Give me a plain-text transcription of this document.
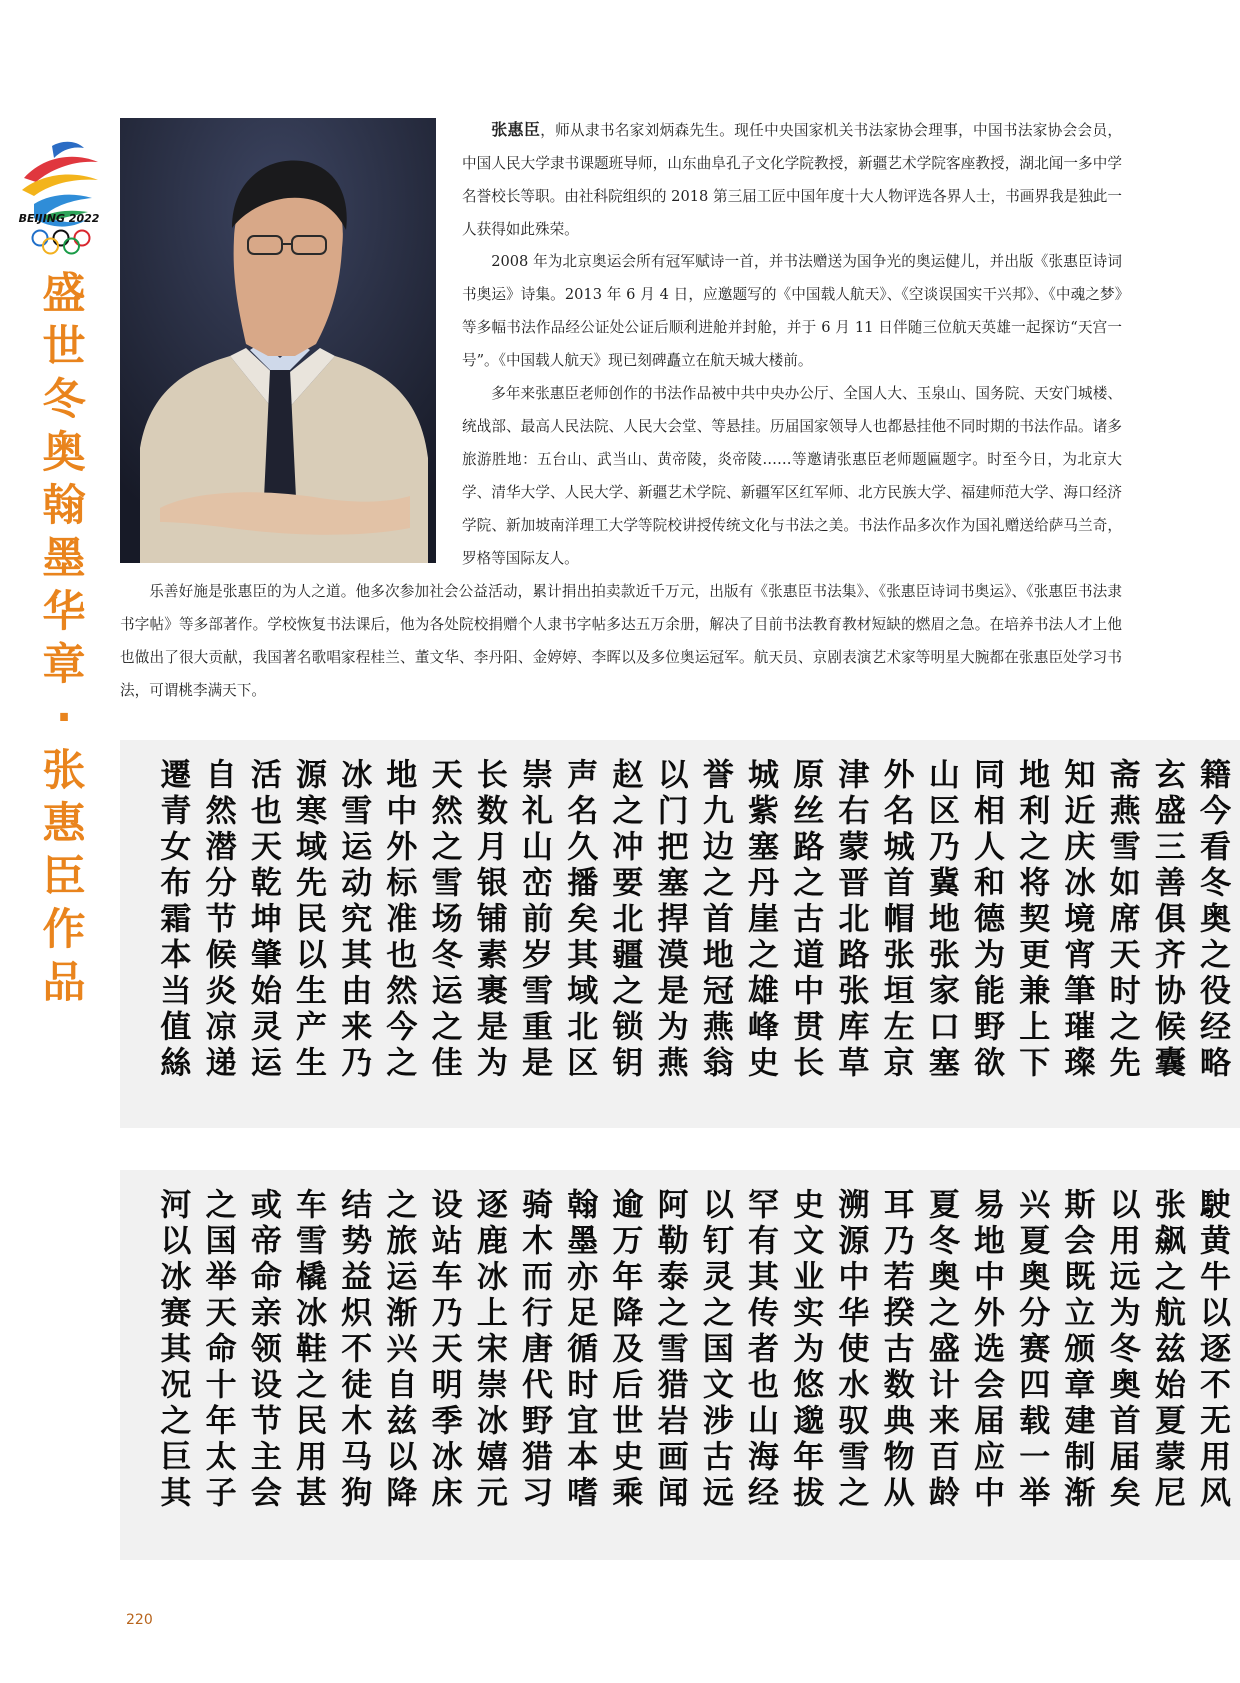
BEIJING 2022
盛世冬奥翰墨华章·张惠臣作品

张惠臣，师从隶书名家刘炳森先生。现任中央国家机关书法家协会理事，中国书法家协会会员，中国人民大学隶书课题班导师，山东曲阜孔子文化学院教授，新疆艺术学院客座教授，湖北闻一多中学名誉校长等职。由社科院组织的 2018 第三届工匠中国年度十大人物评选各界人士，书画界我是独此一人获得如此殊荣。

2008 年为北京奥运会所有冠军赋诗一首，并书法赠送为国争光的奥运健儿，并出版《张惠臣诗词书奥运》诗集。2013 年 6 月 4 日，应邀题写的《中国载人航天》、《空谈误国实干兴邦》、《中魂之梦》等多幅书法作品经公证处公证后顺利进舱并封舱，并于 6 月 11 日伴随三位航天英雄一起探访“天宫一号”。《中国载人航天》现已刻碑矗立在航天城大楼前。

多年来张惠臣老师创作的书法作品被中共中央办公厅、全国人大、玉泉山、国务院、天安门城楼、统战部、最高人民法院、人民大会堂、等悬挂。历届国家领导人也都悬挂他不同时期的书法作品。诸多旅游胜地：五台山、武当山、黄帝陵，炎帝陵……等邀请张惠臣老师题匾题字。时至今日，为北京大学、清华大学、人民大学、新疆艺术学院、新疆军区红军师、北方民族大学、福建师范大学、海口经济学院、新加坡南洋理工大学等院校讲授传统文化与书法之美。书法作品多次作为国礼赠送给萨马兰奇，罗格等国际友人。

乐善好施是张惠臣的为人之道。他多次参加社会公益活动，累计捐出拍卖款近千万元，出版有《张惠臣书法集》、《张惠臣诗词书奥运》、《张惠臣书法隶书字帖》等多部著作。学校恢复书法课后，他为各处院校捐赠个人隶书字帖多达五万余册，解决了目前书法教育教材短缺的燃眉之急。在培养书法人才上他也做出了很大贡献，我国著名歌唱家程桂兰、董文华、李丹阳、金婷婷、李晖以及多位奥运冠军。航天员、京剧表演艺术家等明星大腕都在张惠臣处学习书法，可谓桃李满天下。

籍今看冬奥之役经略
玄盛三善俱齐协候囊
斋燕雪如席天时之先
知近庆冰境宵筆璀璨
地利之将契更兼上下
同相人和德为能野欲
山区乃冀地张家口塞
外名城首帽张垣左京
津右蒙晋北路张库草
原丝路之古道中贯长
城紫塞丹崖之雄峰史
誉九边之首地冠燕翁
以门把塞捍漠是为燕
赵之冲要北疆之锁钥
声名久播矣其域北区
崇礼山峦前岁雪重是
长数月银铺素裹是为
天然之雪场冬运之佳
地中外标准也然今之
冰雪运动究其由来乃
源寒域先民以生产生
活也天乾坤肇始灵运
自然潜分节候炎凉递
遷青女布霜本当值絲
駛黄牛以逐不无用风
张飙之航兹始夏蒙尼
以用远为冬奥首届矣
斯会既立颁章建制渐
兴夏奥分赛四载一举
易地中外选会届应中
夏冬奥之盛计来百龄
耳乃若揆古数典物从
溯源中华使水驭雪之
史文业实为悠邈年拔
罕有其传者也山海经
以钉灵之国文涉古远
阿勒泰之雪猎岩画闻
逾万年降及后世史乘
翰墨亦足循时宜本嗜
骑木而行唐代野猎习
逐鹿冰上宋崇冰嬉元
设站车乃天明季冰床
之旅运渐兴自兹以降
结势益炽不徒木马狗
车雪橇冰鞋之民用甚
或帝命亲领设节主会
之国举天命十年太子
河以冰赛其况之巨其
220
